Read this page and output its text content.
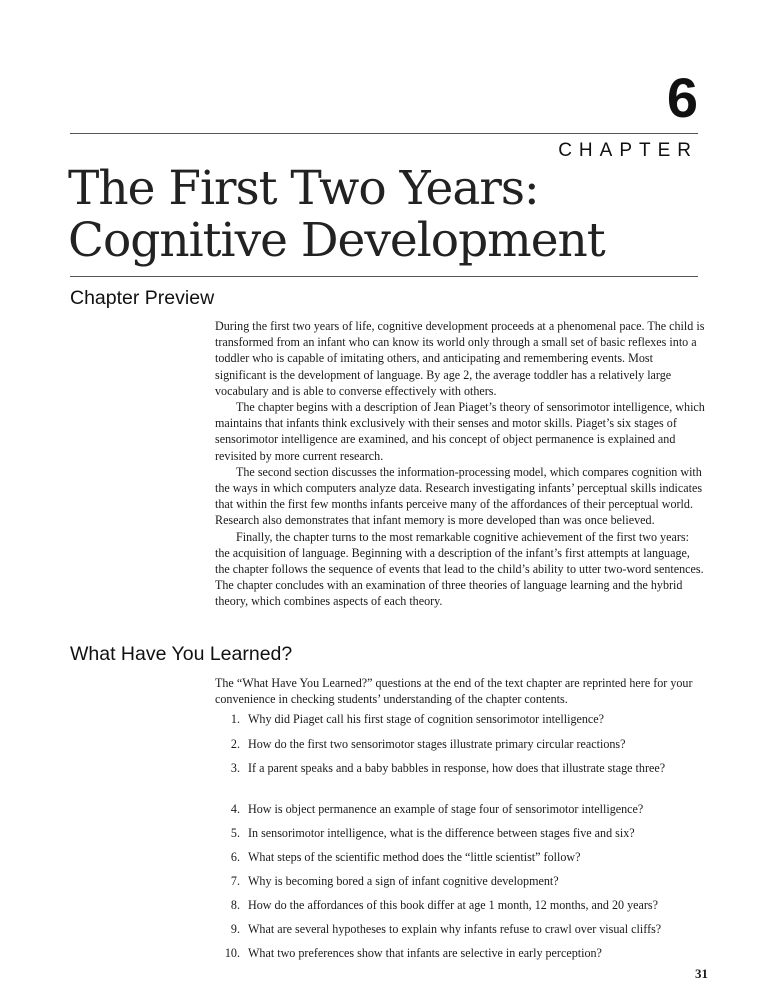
6
CHAPTER
The First Two Years:
Cognitive Development
Chapter Preview

During the first two years of life, cognitive development proceeds at a phenomenal pace. The child is transformed from an infant who can know its world only through a small set of basic reflexes into a toddler who is capable of imitating others, and anticipating and remembering events. Most significant is the development of language. By age 2, the average toddler has a relatively large vocabulary and is able to converse effectively with others.

The chapter begins with a description of Jean Piaget’s theory of sensorimotor intelligence, which maintains that infants think exclusively with their senses and motor skills. Piaget’s six stages of sensorimotor intelligence are examined, and his concept of object permanence is explained and revisited by more current research.

The second section discusses the information-processing model, which compares cognition with the ways in which computers analyze data. Research investigating infants’ perceptual skills indicates that within the first few months infants perceive many of the affordances of their perceptual world. Research also demonstrates that infant memory is more developed than was once believed.

Finally, the chapter turns to the most remarkable cognitive achievement of the first two years: the acquisition of language. Beginning with a description of the infant’s first attempts at language, the chapter follows the sequence of events that lead to the child’s ability to utter two-word sentences. The chapter concludes with an examination of three theories of language learning and the hybrid theory, which combines aspects of each theory.

What Have You Learned?
The “What Have You Learned?” questions at the end of the text chapter are reprinted here for your convenience in checking students’ understanding of the chapter contents.
1. Why did Piaget call his first stage of cognition sensorimotor intelligence?
2. How do the first two sensorimotor stages illustrate primary circular reactions?
3. If a parent speaks and a baby babbles in response, how does that illustrate stage three?
4. How is object permanence an example of stage four of sensorimotor intelligence?
5. In sensorimotor intelligence, what is the difference between stages five and six?
6. What steps of the scientific method does the “little scientist” follow?
7. Why is becoming bored a sign of infant cognitive development?
8. How do the affordances of this book differ at age 1 month, 12 months, and 20 years?
9. What are several hypotheses to explain why infants refuse to crawl over visual cliffs?
10. What two preferences show that infants are selective in early perception?
31
